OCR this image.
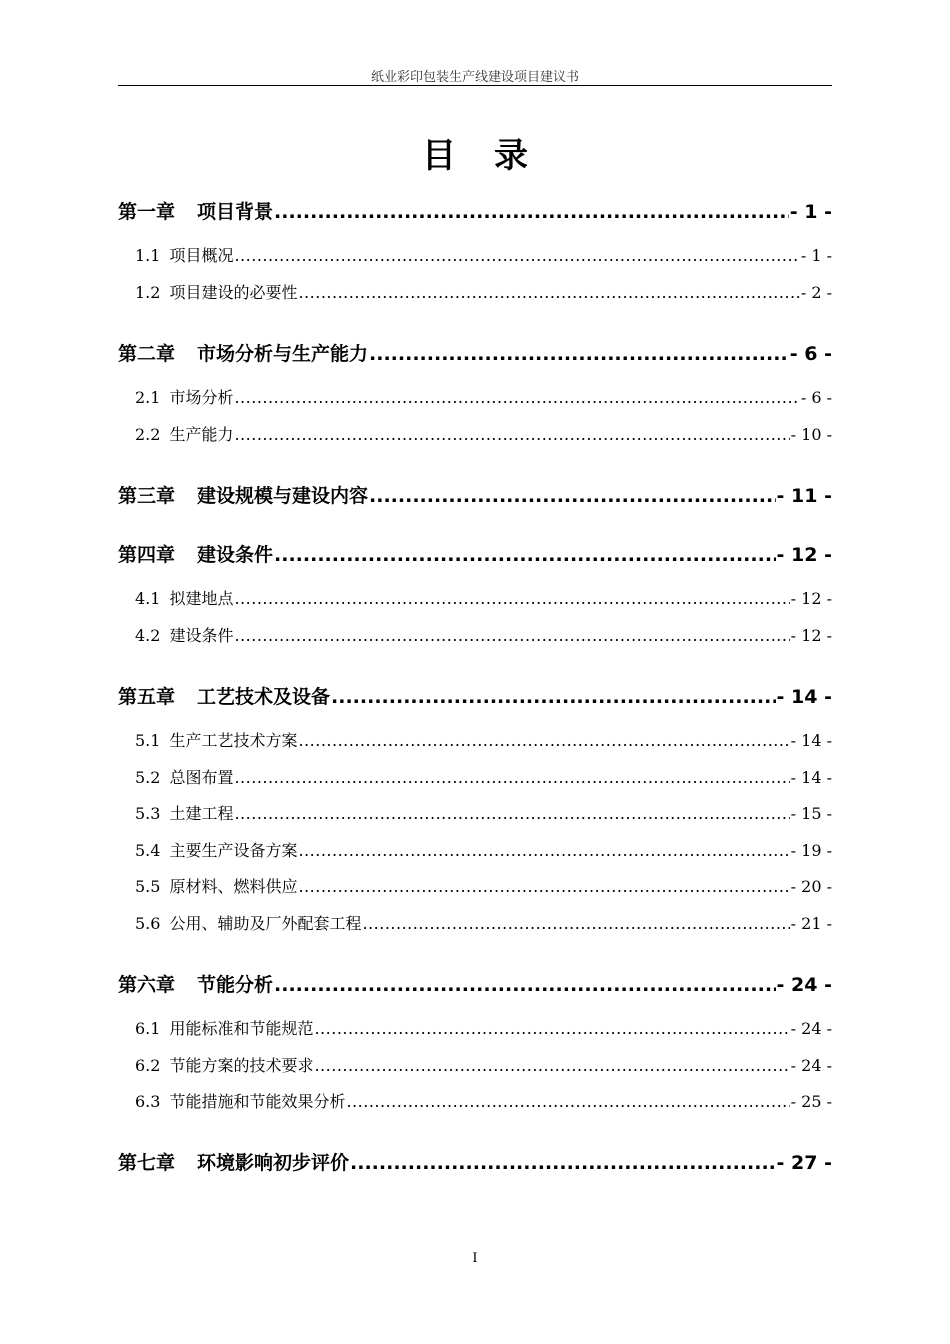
纸业彩印包装生产线建设项目建议书
目录
第一章 项目背景 .....	- 1 -
1.1 项目概况 .....	- 1 -
1.2 项目建设的必要性 .....	- 2 -
第二章 市场分析与生产能力 .....	- 6 -
2.1 市场分析 .....	- 6 -
2.2 生产能力 .....	- 10 -
第三章 建设规模与建设内容 .....	- 11 -
第四章 建设条件 .....	- 12 -
4.1 拟建地点 .....	- 12 -
4.2 建设条件 .....	- 12 -
第五章 工艺技术及设备 .....	- 14 -
5.1 生产工艺技术方案 .....	- 14 -
5.2 总图布置 .....	- 14 -
5.3 土建工程 .....	- 15 -
5.4 主要生产设备方案 .....	- 19 -
5.5 原材料、燃料供应 .....	- 20 -
5.6 公用、辅助及厂外配套工程 .....	- 21 -
第六章 节能分析 .....	- 24 -
6.1 用能标准和节能规范 .....	- 24 -
6.2 节能方案的技术要求 .....	- 24 -
6.3 节能措施和节能效果分析 .....	- 25 -
第七章 环境影响初步评价 .....	- 27 -
I
